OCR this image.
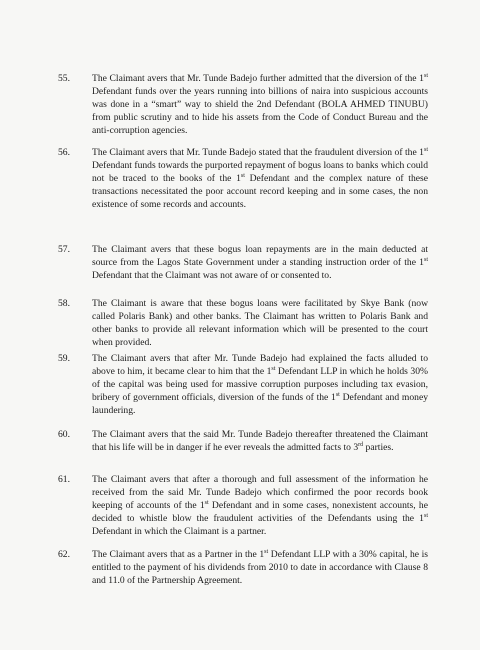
55. The Claimant avers that Mr. Tunde Badejo further admitted that the diversion of the 1st Defendant funds over the years running into billions of naira into suspicious accounts was done in a “smart” way to shield the 2nd Defendant (BOLA AHMED TINUBU) from public scrutiny and to hide his assets from the Code of Conduct Bureau and the anti-corruption agencies.
56. The Claimant avers that Mr. Tunde Badejo stated that the fraudulent diversion of the 1st Defendant funds towards the purported repayment of bogus loans to banks which could not be traced to the books of the 1st Defendant and the complex nature of these transactions necessitated the poor account record keeping and in some cases, the non existence of some records and accounts.
57. The Claimant avers that these bogus loan repayments are in the main deducted at source from the Lagos State Government under a standing instruction order of the 1st Defendant that the Claimant was not aware of or consented to.
58. The Claimant is aware that these bogus loans were facilitated by Skye Bank (now called Polaris Bank) and other banks. The Claimant has written to Polaris Bank and other banks to provide all relevant information which will be presented to the court when provided.
59. The Claimant avers that after Mr. Tunde Badejo had explained the facts alluded to above to him, it became clear to him that the 1st Defendant LLP in which he holds 30% of the capital was being used for massive corruption purposes including tax evasion, bribery of government officials, diversion of the funds of the 1st Defendant and money laundering.
60. The Claimant avers that the said Mr. Tunde Badejo thereafter threatened the Claimant that his life will be in danger if he ever reveals the admitted facts to 3rd parties.
61. The Claimant avers that after a thorough and full assessment of the information he received from the said Mr. Tunde Badejo which confirmed the poor records book keeping of accounts of the 1st Defendant and in some cases, nonexistent accounts, he decided to whistle blow the fraudulent activities of the Defendants using the 1st Defendant in which the Claimant is a partner.
62. The Claimant avers that as a Partner in the 1st Defendant LLP with a 30% capital, he is entitled to the payment of his dividends from 2010 to date in accordance with Clause 8 and 11.0 of the Partnership Agreement.
